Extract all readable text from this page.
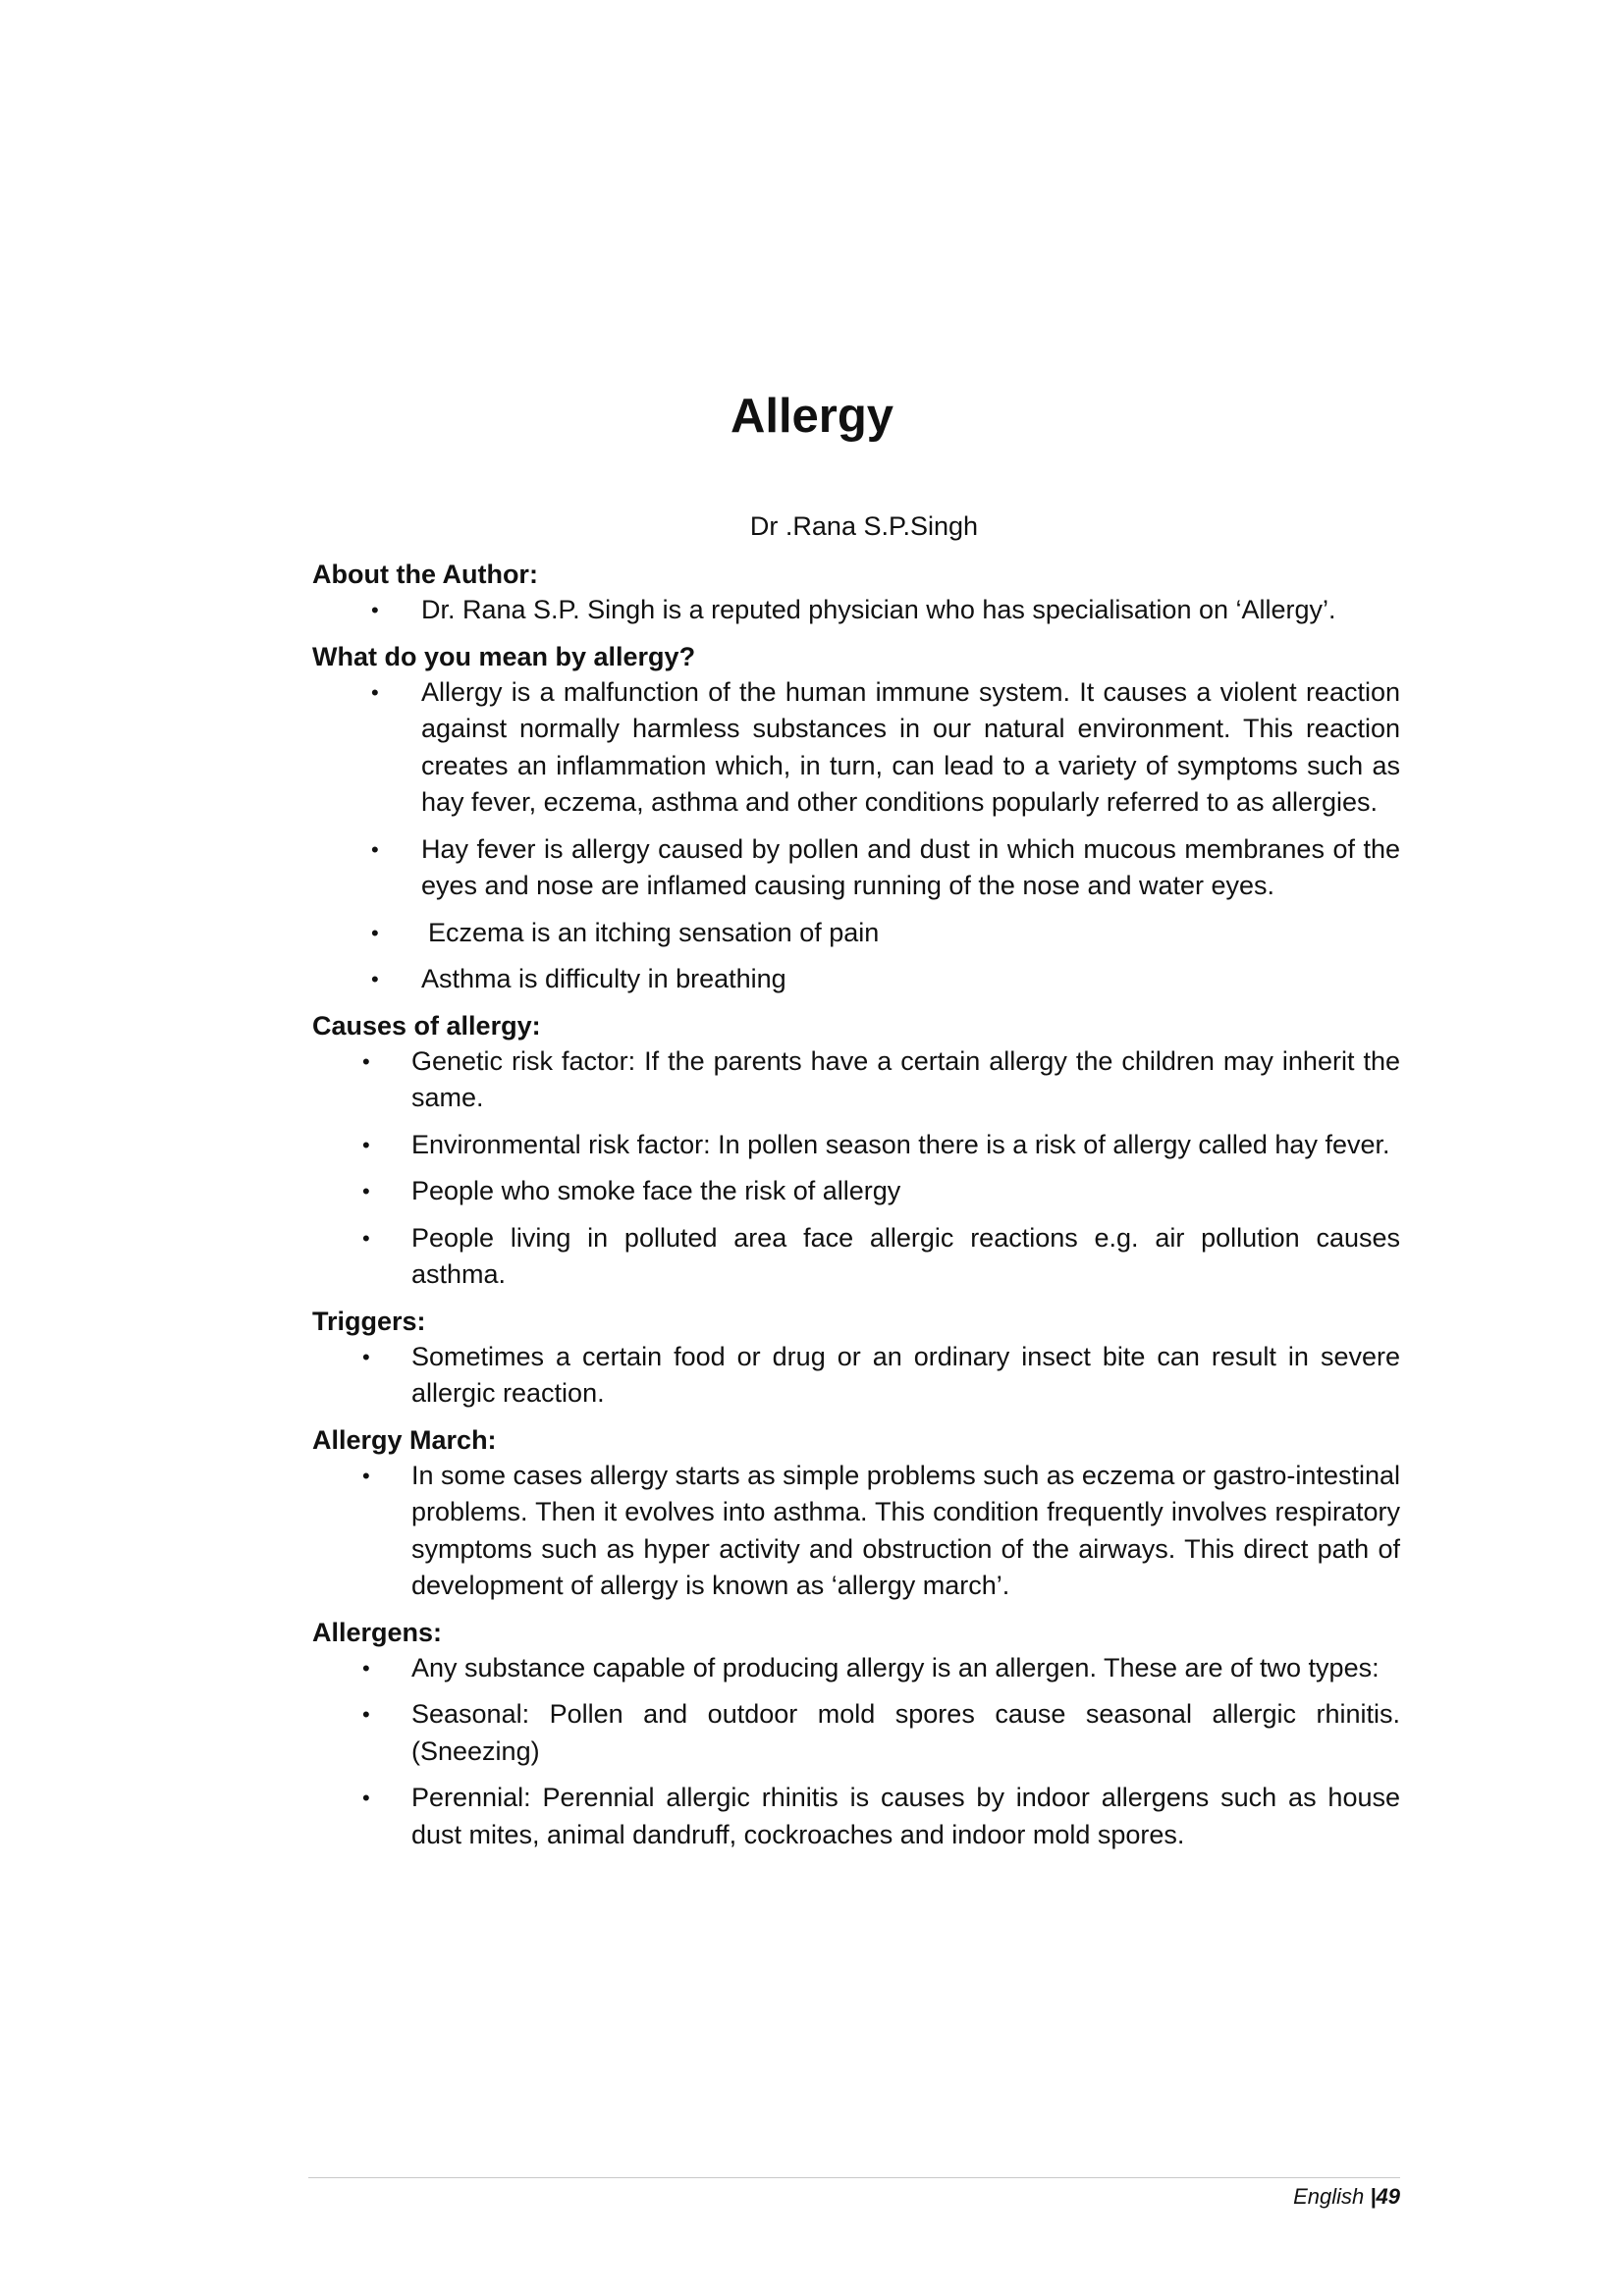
Allergy
Dr .Rana S.P.Singh

About the Author:

• Dr. Rana S.P. Singh is a reputed physician who has specialisation on ‘Allergy’.

What do you mean by allergy?

• Allergy is a malfunction of the human immune system. It causes a violent reaction against normally harmless substances in our natural environment. This reaction creates an inflammation which, in turn, can lead to a variety of symptoms such as hay fever, eczema, asthma and other conditions popularly referred to as allergies.
• Hay fever is allergy caused by pollen and dust in which mucous membranes of the eyes and nose are inflamed causing running of the nose and water eyes.
• Eczema is an itching sensation of pain
• Asthma is difficulty in breathing

Causes of allergy:

• Genetic risk factor: If the parents have a certain allergy the children may inherit the same.
• Environmental risk factor: In pollen season there is a risk of allergy called hay fever.
• People who smoke face the risk of allergy
• People living in polluted area face allergic reactions e.g. air pollution causes asthma.

Triggers:

• Sometimes a certain food or drug or an ordinary insect bite can result in severe allergic reaction.

Allergy March:

• In some cases allergy starts as simple problems such as eczema or gastro-intestinal problems. Then it evolves into asthma. This condition frequently involves respiratory symptoms such as hyper activity and obstruction of the airways. This direct path of development of allergy is known as ‘allergy march’.

Allergens:

• Any substance capable of producing allergy is an allergen. These are of two types:
• Seasonal: Pollen and outdoor mold spores cause seasonal allergic rhinitis. (Sneezing)
• Perennial: Perennial allergic rhinitis is causes by indoor allergens such as house dust mites, animal dandruff, cockroaches and indoor mold spores.
English |49
